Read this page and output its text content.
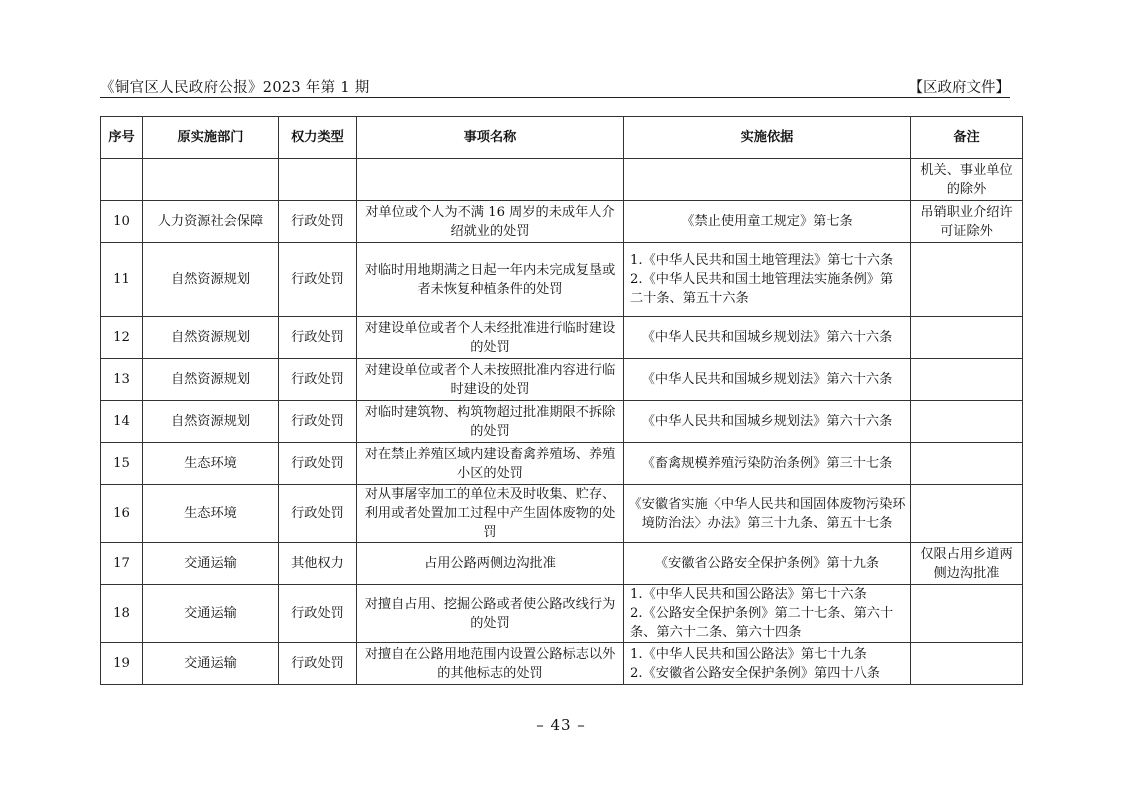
《铜官区人民政府公报》2023 年第 1 期	【区政府文件】
序号	原实施部门	权力类型	事项名称	实施依据	备注
					机关、事业单位的除外
10	人力资源社会保障	行政处罚	对单位或个人为不满 16 周岁的未成年人介绍就业的处罚	《禁止使用童工规定》第七条	吊销职业介绍许可证除外
11	自然资源规划	行政处罚	对临时用地期满之日起一年内未完成复垦或者未恢复种植条件的处罚	1.《中华人民共和国土地管理法》第七十六条
2.《中华人民共和国土地管理法实施条例》第二十条、第五十六条	

12	自然资源规划	行政处罚	对建设单位或者个人未经批准进行临时建设的处罚	《中华人民共和国城乡规划法》第六十六条	

13	自然资源规划	行政处罚	对建设单位或者个人未按照批准内容进行临时建设的处罚	《中华人民共和国城乡规划法》第六十六条	

14	自然资源规划	行政处罚	对临时建筑物、构筑物超过批准期限不拆除的处罚	《中华人民共和国城乡规划法》第六十六条	

15	生态环境	行政处罚	对在禁止养殖区域内建设畜禽养殖场、养殖小区的处罚	《畜禽规模养殖污染防治条例》第三十七条	

16	生态环境	行政处罚	对从事屠宰加工的单位未及时收集、贮存、利用或者处置加工过程中产生固体废物的处罚	《安徽省实施〈中华人民共和国固体废物污染环境防治法〉办法》第三十九条、第五十七条	

17	交通运输	其他权力	占用公路两侧边沟批准	《安徽省公路安全保护条例》第十九条	仅限占用乡道两侧边沟批准
18	交通运输	行政处罚	对擅自占用、挖掘公路或者使公路改线行为的处罚	1.《中华人民共和国公路法》第七十六条
2.《公路安全保护条例》第二十七条、第六十条、第六十二条、第六十四条	

19	交通运输	行政处罚	对擅自在公路用地范围内设置公路标志以外的其他标志的处罚	1.《中华人民共和国公路法》第七十九条
2.《安徽省公路安全保护条例》第四十八条	

– 43 –
